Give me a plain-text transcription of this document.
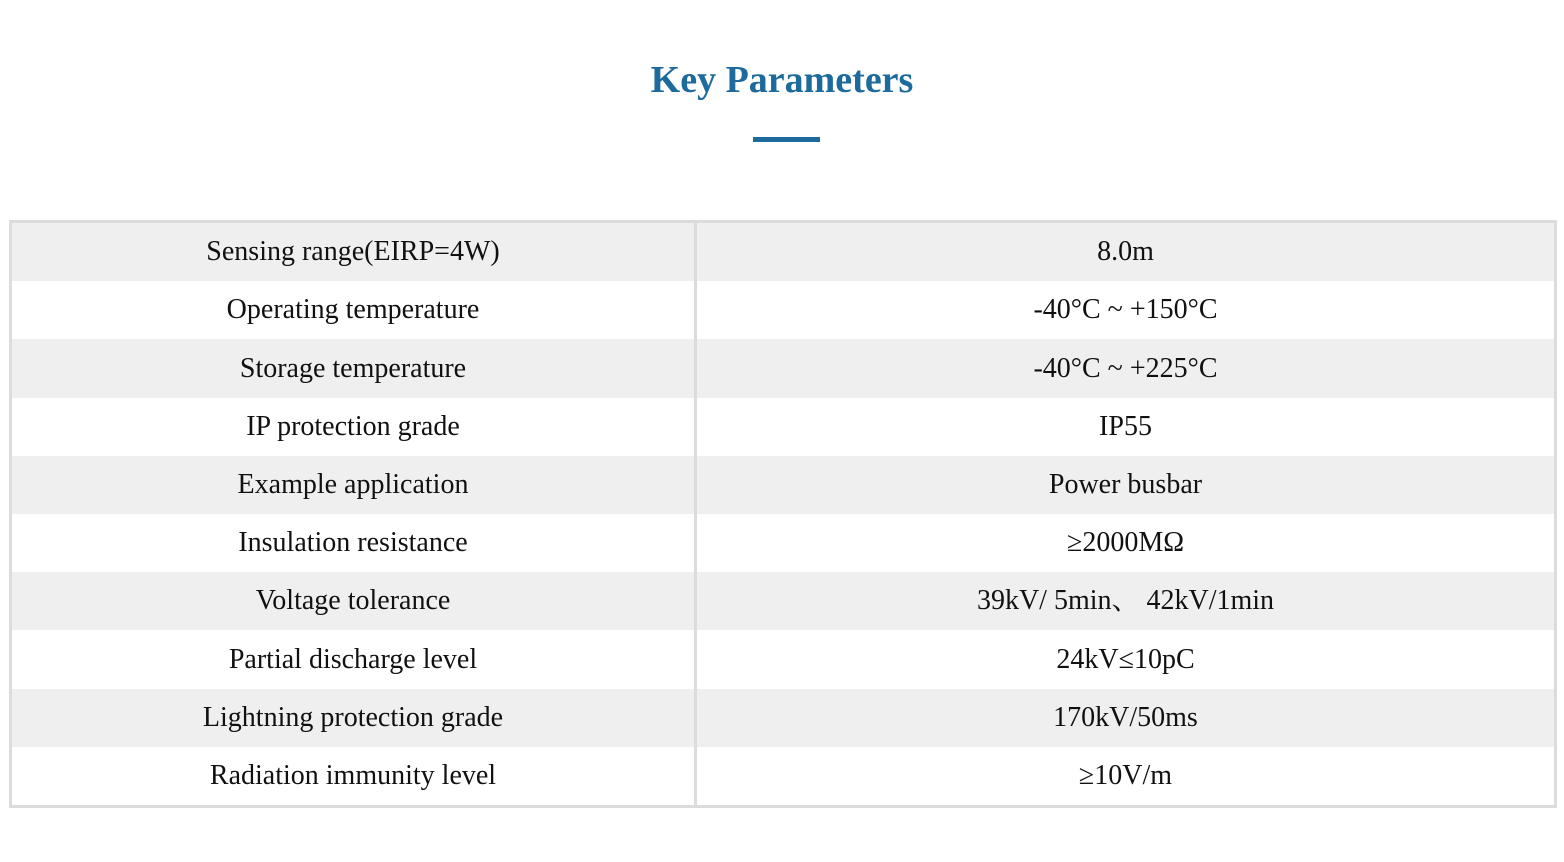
Key Parameters
Sensing range(EIRP=4W)	8.0m
Operating temperature	-40°C ~ +150°C
Storage temperature	-40°C ~ +225°C
IP protection grade	IP55
Example application	Power busbar
Insulation resistance	≥2000MΩ
Voltage tolerance	39kV/ 5min、 42kV/1min
Partial discharge level	24kV≤10pC
Lightning protection grade	170kV/50ms
Radiation immunity level	≥10V/m
